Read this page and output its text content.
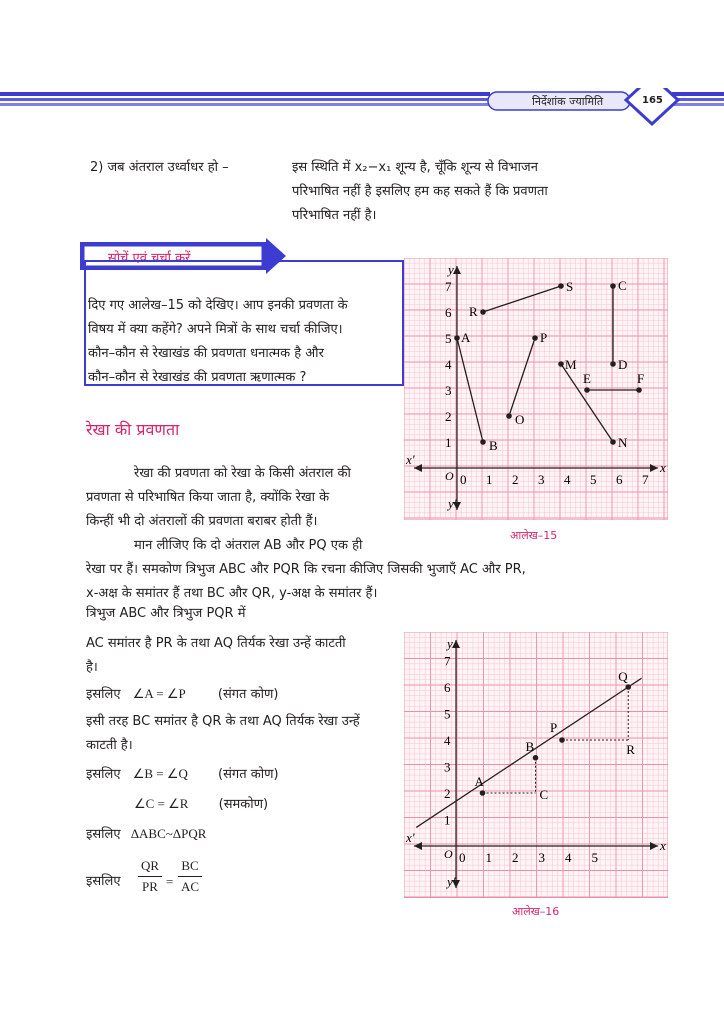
निर्देशांक ज्यामिति	165
2) जब अंतराल उर्ध्वाधर हो –	इस स्थिति में x₂−x₁ शून्य है, चूँकि शून्य से विभाजन
परिभाषित नहीं है इसलिए हम कह सकते हैं कि प्रवणता
परिभाषित नहीं है।
सोचें एवं चर्चा करें
दिए गए आलेख–15 को देखिए। आप इनकी प्रवणता के
विषय में क्या कहेंगे? अपने मित्रों के साथ चर्चा कीजिए।
कौन–कौन से रेखाखंड की प्रवणता धनात्मक है और
कौन–कौन से रेखाखंड की प्रवणता ऋणात्मक ?
रेखा की प्रवणता
रेखा की प्रवणता को रेखा के किसी अंतराल की
प्रवणता से परिभाषित किया जाता है, क्योंकि रेखा के
किन्हीं भी दो अंतरालों की प्रवणता बराबर होती हैं।
मान लीजिए कि दो अंतराल AB और PQ एक ही
रेखा पर हैं। समकोण त्रिभुज ABC और PQR कि रचना कीजिए जिसकी भुजाएँ AC और PR,
x-अक्ष के समांतर हैं तथा BC और QR, y-अक्ष के समांतर हैं।
त्रिभुज ABC और त्रिभुज PQR में
AC समांतर है PR के तथा AQ तिर्यक रेखा उन्हें काटती
है।
इसलिए ∠A = ∠P (संगत कोण)
इसी तरह BC समांतर है QR के तथा AQ तिर्यक रेखा उन्हें
काटती है।
इसलिए ∠B = ∠Q (संगत कोण)
∠C = ∠R (समकोण)
इसलिए ΔABC~ΔPQR
इसलिए $\frac{QR}{PR} = \frac{BC}{AC}$
x
x'
y
y'
O 0 1 2 3 4 5 6 7
1
2
3
4
5
6
7
A
B
R
S
O
P
C
D
M
N
E	F
आलेख–15
x
x'
y
y'
O 0 1 2 3 4 5
1
2
3
4
5
6
7
A
B
C
P
Q
R
आलेख–16
